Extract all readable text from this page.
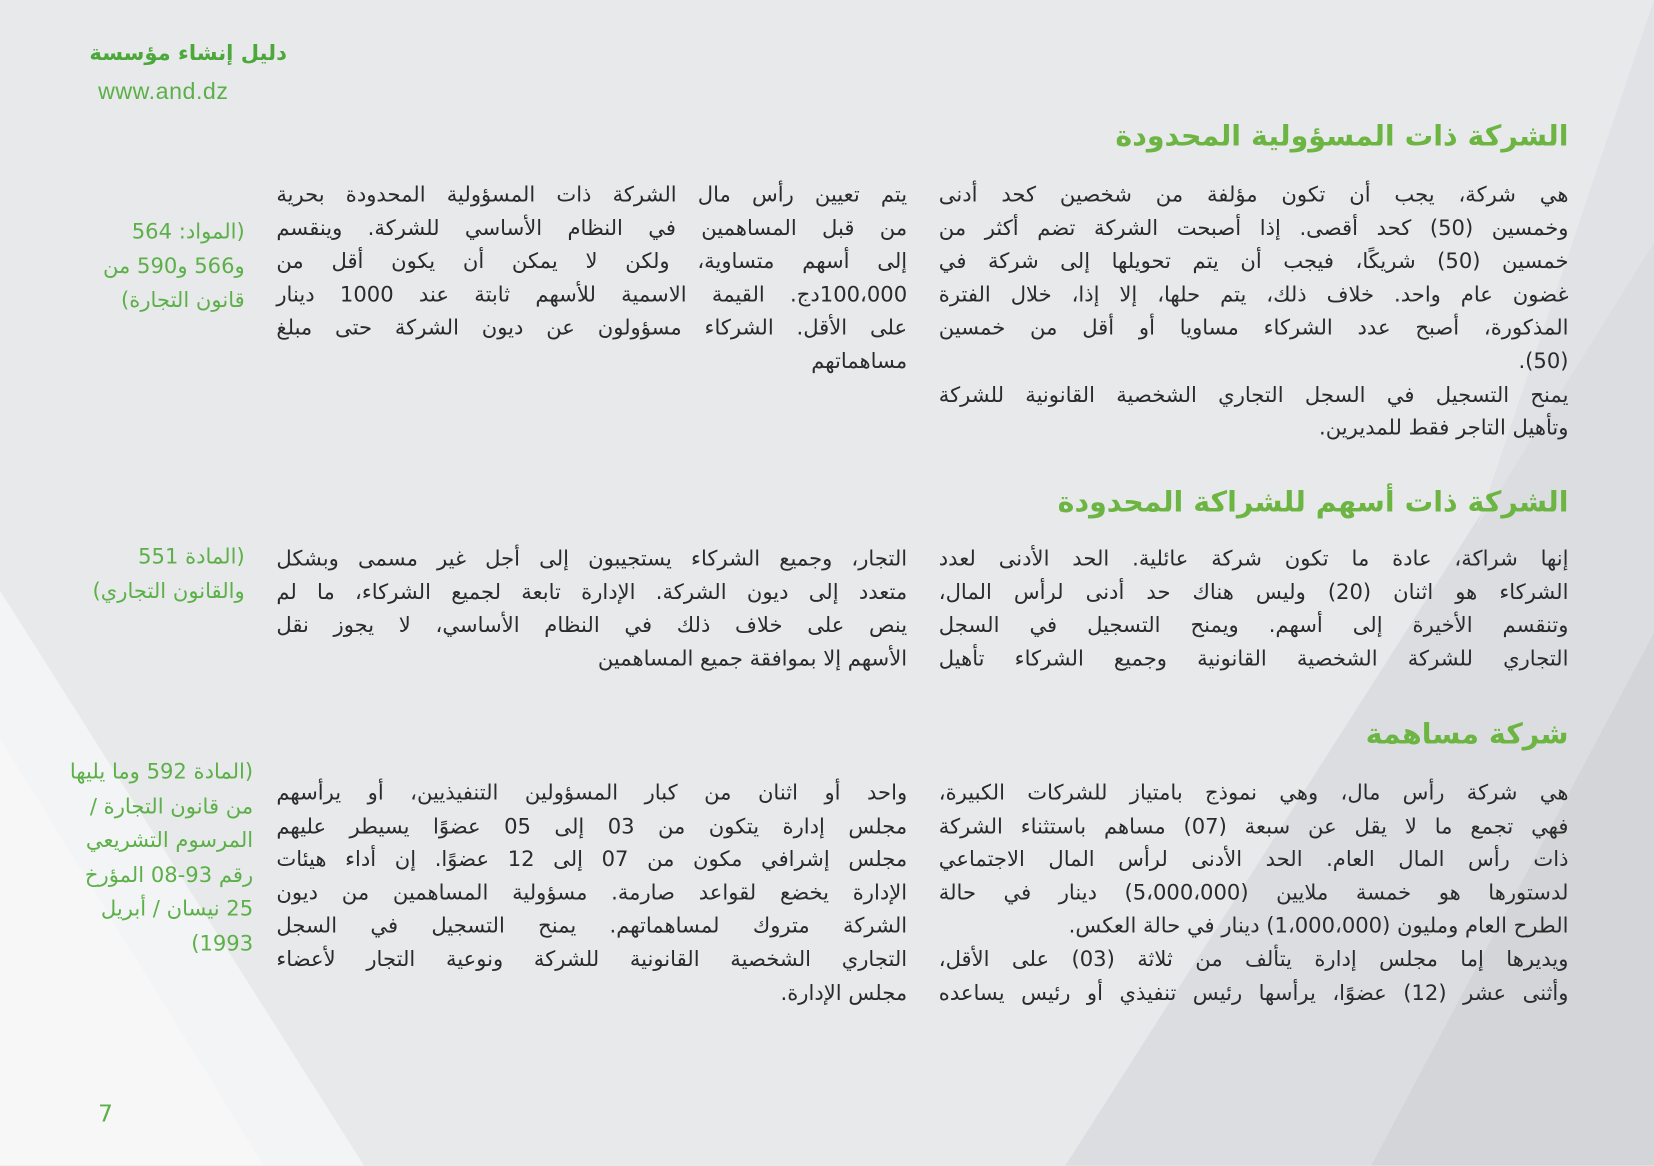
دليل إنشاء مؤسسة
www.and.dz
الشركة ذات المسؤولية المحدودة
هي شركة، يجب أن تكون مؤلفة من شخصين كحد أدنى
وخمسين (50) كحد أقصى. إذا أصبحت الشركة تضم أكثر من
خمسين (50) شريكًا، فيجب أن يتم تحويلها إلى شركة في
غضون عام واحد. خلاف ذلك، يتم حلها، إلا إذا، خلال الفترة
المذكورة، أصبح عدد الشركاء مساويا أو أقل من خمسين
(50).
يمنح التسجيل في السجل التجاري الشخصية القانونية للشركة
وتأهيل التاجر فقط للمديرين.
يتم تعيين رأس مال الشركة ذات المسؤولية المحدودة بحرية
من قبل المساهمين في النظام الأساسي للشركة. وينقسم
إلى أسهم متساوية، ولكن لا يمكن أن يكون أقل من
100،000دج. القيمة الاسمية للأسهم ثابتة عند 1000 دينار
على الأقل. الشركاء مسؤولون عن ديون الشركة حتى مبلغ
مساهماتهم
(المواد: 564
و566 و590 من
قانون التجارة)
الشركة ذات أسهم للشراكة المحدودة
إنها شراكة، عادة ما تكون شركة عائلية. الحد الأدنى لعدد
الشركاء هو اثنان (20) وليس هناك حد أدنى لرأس المال،
وتنقسم الأخيرة إلى أسهم. ويمنح التسجيل في السجل
التجاري للشركة الشخصية القانونية وجميع الشركاء تأهيل
التجار، وجميع الشركاء يستجيبون إلى أجل غير مسمى وبشكل
متعدد إلى ديون الشركة. الإدارة تابعة لجميع الشركاء، ما لم
ينص على خلاف ذلك في النظام الأساسي، لا يجوز نقل
الأسهم إلا بموافقة جميع المساهمين
(المادة 551
والقانون التجاري)
شركة مساهمة
هي شركة رأس مال، وهي نموذج بامتياز للشركات الكبيرة،
فهي تجمع ما لا يقل عن سبعة (07) مساهم باستثناء الشركة
ذات رأس المال العام. الحد الأدنى لرأس المال الاجتماعي
لدستورها هو خمسة ملايين (5،000،000) دينار في حالة
الطرح العام ومليون (1،000،000) دينار في حالة العكس.
ويديرها إما مجلس إدارة يتألف من ثلاثة (03) على الأقل،
وأثنى عشر (12) عضوًا، يرأسها رئيس تنفيذي أو رئيس يساعده
واحد أو اثنان من كبار المسؤولين التنفيذيين، أو يرأسهم
مجلس إدارة يتكون من 03 إلى 05 عضوًا يسيطر عليهم
مجلس إشرافي مكون من 07 إلى 12 عضوًا. إن أداء هيئات
الإدارة يخضع لقواعد صارمة. مسؤولية المساهمين من ديون
الشركة متروك لمساهماتهم. يمنح التسجيل في السجل
التجاري الشخصية القانونية للشركة ونوعية التجار لأعضاء
مجلس الإدارة.
(المادة 592 وما يليها
من قانون التجارة /
المرسوم التشريعي
رقم 93-08 المؤرخ
25 نيسان / أبريل
1993)
7
